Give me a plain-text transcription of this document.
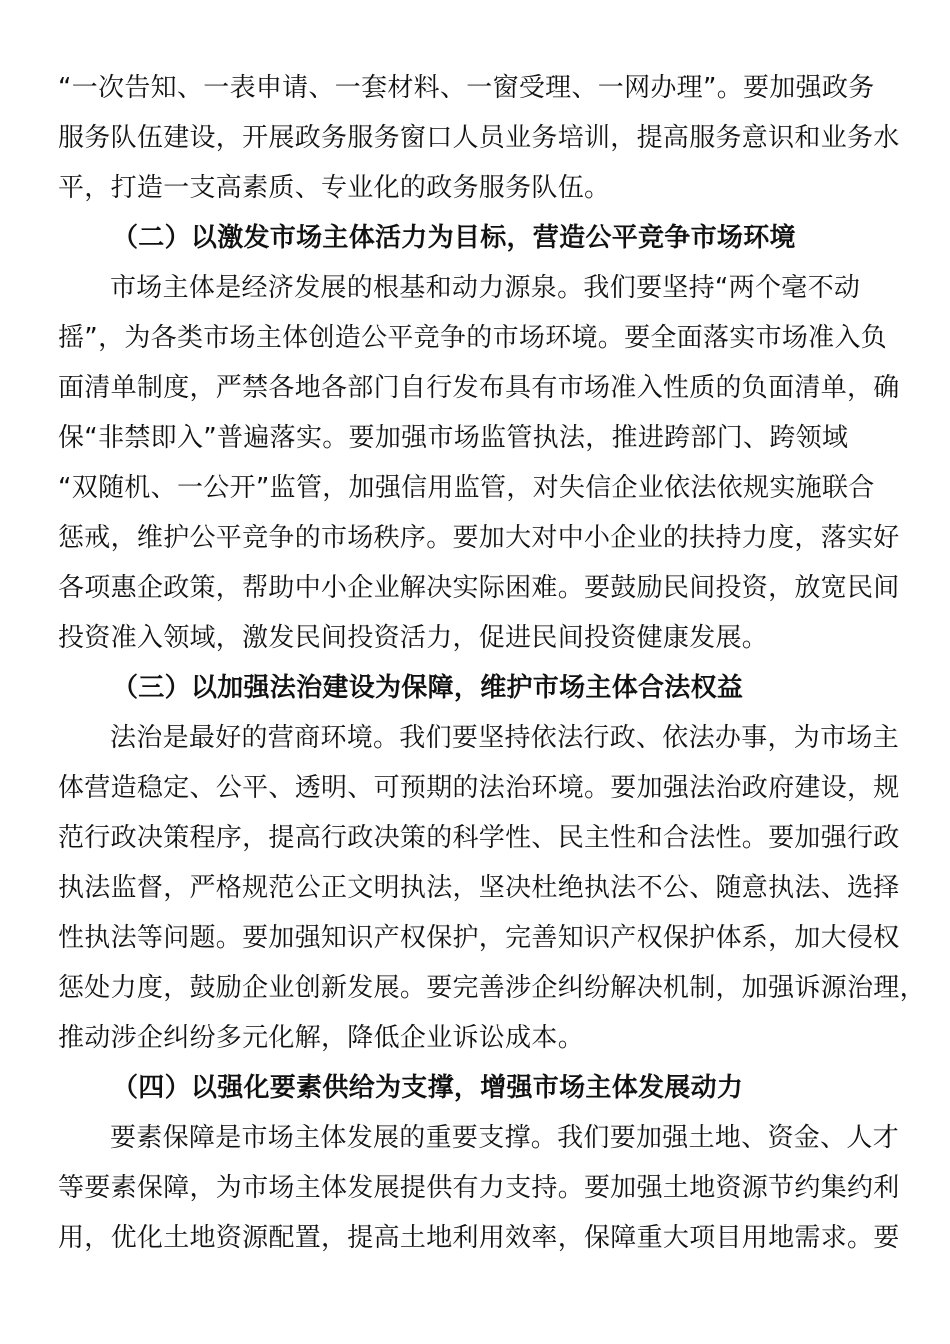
“一次告知、一表申请、一套材料、一窗受理、一网办理”。要加强政务
服务队伍建设，开展政务服务窗口人员业务培训，提高服务意识和业务水
平，打造一支高素质、专业化的政务服务队伍。
（二）以激发市场主体活力为目标，营造公平竞争市场环境
市场主体是经济发展的根基和动力源泉。我们要坚持“两个毫不动
摇”，为各类市场主体创造公平竞争的市场环境。要全面落实市场准入负
面清单制度，严禁各地各部门自行发布具有市场准入性质的负面清单，确
保“非禁即入”普遍落实。要加强市场监管执法，推进跨部门、跨领域
“双随机、一公开”监管，加强信用监管，对失信企业依法依规实施联合
惩戒，维护公平竞争的市场秩序。要加大对中小企业的扶持力度，落实好
各项惠企政策，帮助中小企业解决实际困难。要鼓励民间投资，放宽民间
投资准入领域，激发民间投资活力，促进民间投资健康发展。
（三）以加强法治建设为保障，维护市场主体合法权益
法治是最好的营商环境。我们要坚持依法行政、依法办事，为市场主
体营造稳定、公平、透明、可预期的法治环境。要加强法治政府建设，规
范行政决策程序，提高行政决策的科学性、民主性和合法性。要加强行政
执法监督，严格规范公正文明执法，坚决杜绝执法不公、随意执法、选择
性执法等问题。要加强知识产权保护，完善知识产权保护体系，加大侵权
惩处力度，鼓励企业创新发展。要完善涉企纠纷解决机制，加强诉源治理，
推动涉企纠纷多元化解，降低企业诉讼成本。
（四）以强化要素供给为支撑，增强市场主体发展动力
要素保障是市场主体发展的重要支撑。我们要加强土地、资金、人才
等要素保障，为市场主体发展提供有力支持。要加强土地资源节约集约利
用，优化土地资源配置，提高土地利用效率，保障重大项目用地需求。要
